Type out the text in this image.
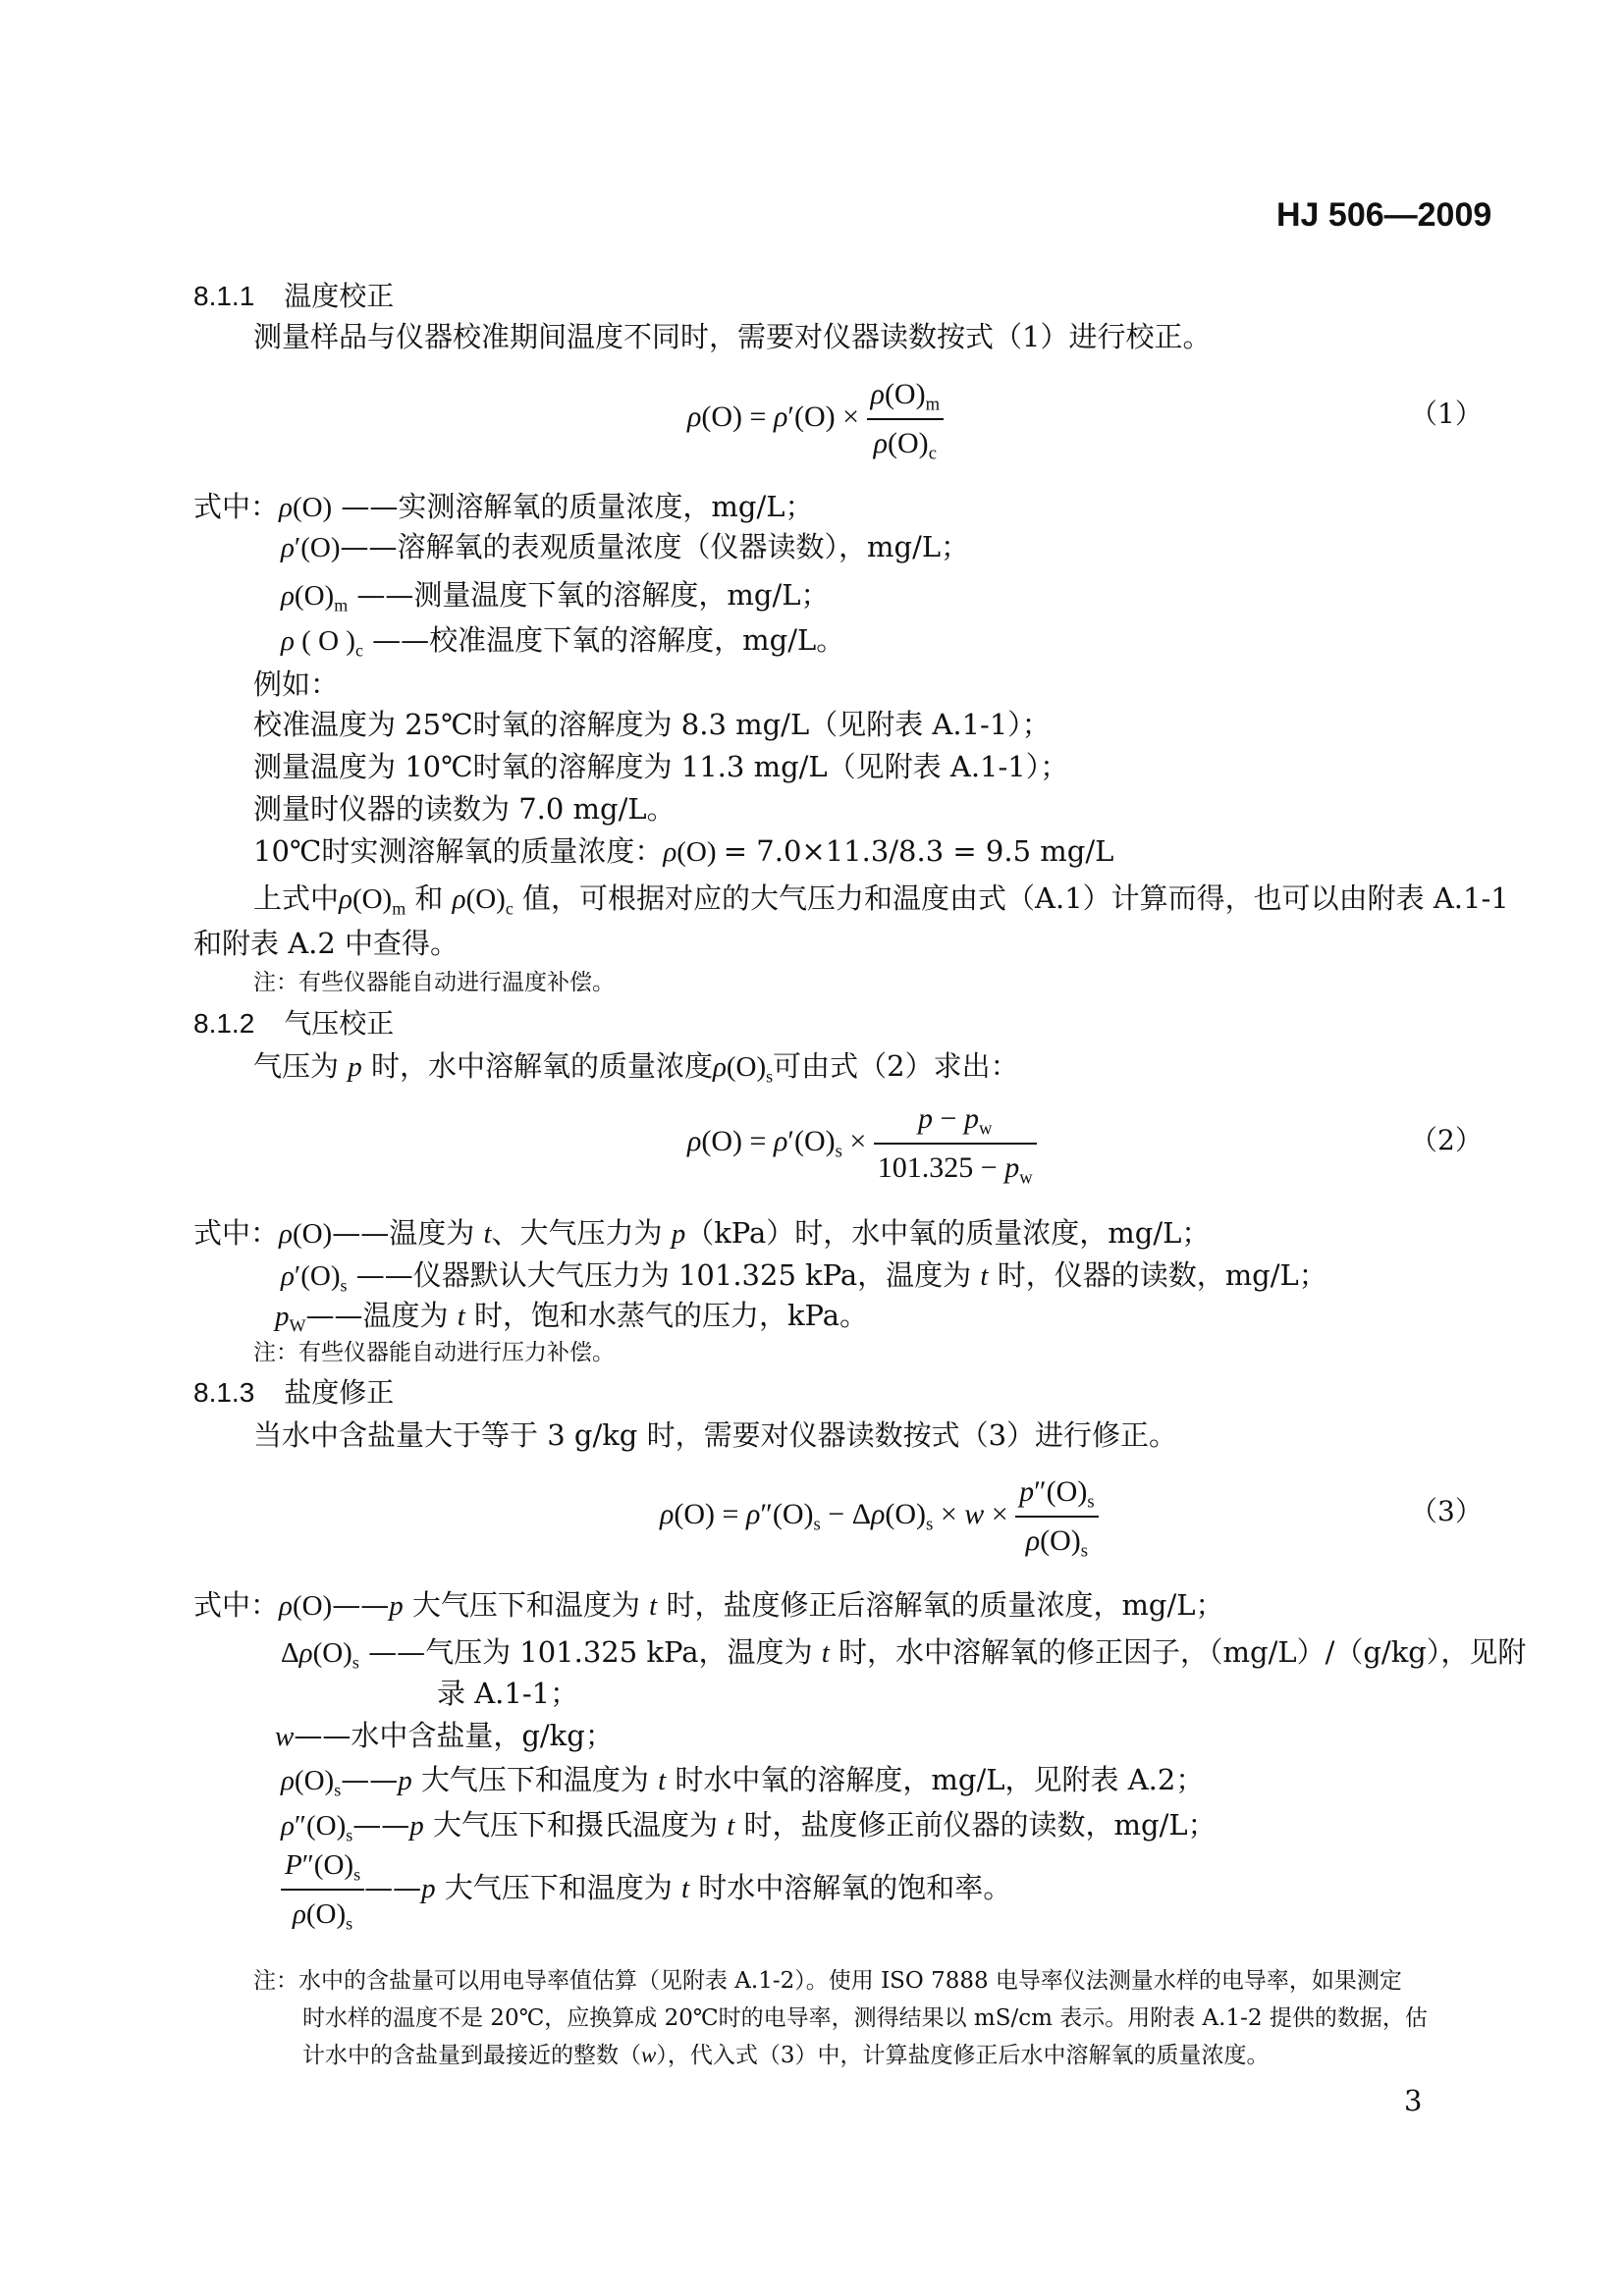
HJ 506—2009
8.1.1 温度校正
测量样品与仪器校准期间温度不同时，需要对仪器读数按式（1）进行校正。
$\rho(O) = \rho'(O) \times \frac{\rho(O)_m}{\rho(O)_c}$	（1）
式中：ρ(O) ——实测溶解氧的质量浓度，mg/L；
ρ′(O)——溶解氧的表观质量浓度（仪器读数），mg/L；
$\rho(O)_m$ ——测量温度下氧的溶解度，mg/L；
ρ ( O )$_c$ ——校准温度下氧的溶解度，mg/L。
例如：
校准温度为 25℃时氧的溶解度为 8.3 mg/L（见附表 A.1-1）；
测量温度为 10℃时氧的溶解度为 11.3 mg/L（见附表 A.1-1）；
测量时仪器的读数为 7.0 mg/L。
10℃时实测溶解氧的质量浓度：ρ(O) = 7.0×11.3/8.3 = 9.5 mg/L
上式中$\rho(O)_m$ 和 $\rho(O)_c$ 值，可根据对应的大气压力和温度由式（A.1）计算而得，也可以由附表 A.1-1
和附表 A.2 中查得。
注：有些仪器能自动进行温度补偿。
8.1.2 气压校正
气压为 p 时，水中溶解氧的质量浓度$\rho(O)_s$可由式（2）求出：
$\rho(O) = \rho'(O)_s \times \frac{p - p_w}{101.325 - p_w}$	（2）
式中：ρ(O)——温度为 t、大气压力为 p（kPa）时，水中氧的质量浓度，mg/L；
$\rho'(O)_s$ ——仪器默认大气压力为 101.325 kPa，温度为 t 时，仪器的读数，mg/L；
$p_W——$温度为 t 时，饱和水蒸气的压力，kPa。
注：有些仪器能自动进行压力补偿。
8.1.3 盐度修正
当水中含盐量大于等于 3 g/kg 时，需要对仪器读数按式（3）进行修正。
$\rho(O) = \rho''(O)_s - \Delta\rho(O)_s \times w \times \frac{p''(O)_s}{\rho(O)_s}$	（3）
式中：ρ(O)——p 大气压下和温度为 t 时，盐度修正后溶解氧的质量浓度，mg/L；
$\Delta\rho(O)_s$ ——气压为 101.325 kPa，温度为 t 时，水中溶解氧的修正因子，（mg/L）/（g/kg），见附
录 A.1-1；
w——水中含盐量，g/kg；
$\rho(O)_s——p$ 大气压下和温度为 t 时水中氧的溶解度，mg/L，见附表 A.2；
$\rho''(O)_s——p$ 大气压下和摄氏温度为 t 时，盐度修正前仪器的读数，mg/L；
$\frac{P''(O)_s}{\rho(O)_s}$ ——p 大气压下和温度为 t 时水中溶解氧的饱和率。
注：水中的含盐量可以用电导率值估算（见附表 A.1-2）。使用 ISO 7888 电导率仪法测量水样的电导率，如果测定
时水样的温度不是 20℃，应换算成 20℃时的电导率，测得结果以 mS/cm 表示。用附表 A.1-2 提供的数据，估
计水中的含盐量到最接近的整数（w），代入式（3）中，计算盐度修正后水中溶解氧的质量浓度。
3
